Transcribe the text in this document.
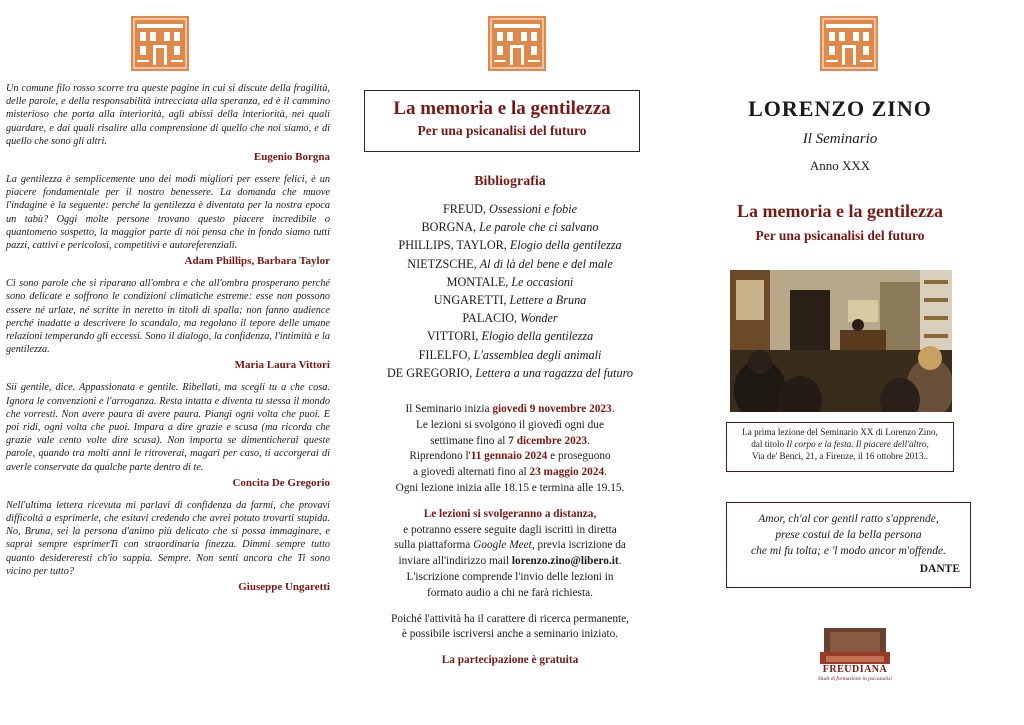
Un comune filo rosso scorre tra queste pagine in cui si discute della fragilità, delle parole, e della responsabilità intrecciata alla speranza, ed è il cammino misterioso che porta alla interiorità, agli abissi della interiorità, nei quali guardare, e dai quali risalire alla comprensione di quello che noi siamo, e di quello che sono gli altri.

Eugenio Borgna

La gentilezza è semplicemente uno dei modi migliori per essere felici, è un piacere fondamentale per il nostro benessere. La domanda che muove l'indagine è la seguente: perché la gentilezza è diventata per la nostra epoca un tabù? Oggi molte persone trovano questo piacere incredibile o quantomeno sospetto, la maggior parte di noi pensa che in fondo siamo tutti pazzi, cattivi e pericolosi, competitivi e autoreferenziali.

Adam Phillips, Barbara Taylor

Ci sono parole che si riparano all'ombra e che all'ombra prosperano perché sono delicate e soffrono le condizioni climatiche estreme: esse non possono essere né urlate, né scritte in neretto in titoli di spalla; non fanno audience perché inadatte a descrivere lo scandalo, ma regolano il tepore delle umane relazioni temperando gli eccessi. Sono il dialogo, la confidenza, l'intimità e la gentilezza.

Maria Laura Vittori

Sii gentile, dice. Appassionata e gentile. Ribellati, ma scegli tu a che cosa. Ignora le convenzioni e l'arroganza. Resta intatta e diventa tu stessa il mondo che vorresti. Non avere paura di avere paura. Piangi ogni volta che puoi. E poi ridi, ogni volta che puoi. Impara a dire grazie e scusa (ma ricorda che grazie vale cento volte dire scusa). Non importa se dimenticherai queste parole, quando tra molti anni le ritroverai, magari per caso, ti accorgerai di averle conservate da qualche parte dentro di te.

Concita De Gregorio

Nell'ultima lettera ricevuta mi parlavi di confidenza da farmi, che provavi difficoltà a esprimerle, che esitavi credendo che avrei potuto trovarti stupida. No, Bruna, sei la persona d'animo più delicato che si possa immaginare, e saprai sempre esprimerTi con straordinaria finezza. Dimmi sempre tutto quanto desidereresti ch'io sappia. Sempre. Non senti ancora che Ti sono vicino per tutto?

Giuseppe Ungaretti
La memoria e la gentilezza
Per una psicanalisi del futuro
Bibliografia
FREUD, Ossessioni e fobie
BORGNA, Le parole che ci salvano
PHILLIPS, TAYLOR, Elogio della gentilezza
NIETZSCHE, Al di là del bene e del male
MONTALE, Le occasioni
UNGARETTI, Lettere a Bruna
PALACIO, Wonder
VITTORI, Elogio della gentilezza
FILELFO, L'assemblea degli animali
DE GREGORIO, Lettera a una ragazza del futuro

Il Seminario inizia giovedì 9 novembre 2023.

Le lezioni si svolgono il giovedì ogni due

settimane fino al 7 dicembre 2023.

Riprendono l'11 gennaio 2024 e proseguono

a giovedì alternati fino al 23 maggio 2024.

Ogni lezione inizia alle 18.15 e termina alle 19.15.

Le lezioni si svolgeranno a distanza,

e potranno essere seguite dagli iscritti in diretta

sulla piattaforma Google Meet, previa iscrizione da

inviare all'indirizzo mail lorenzo.zino@libero.it.

L'iscrizione comprende l'invio delle lezioni in

formato audio a chi ne farà richiesta.

Poiché l'attività ha il carattere di ricerca permanente,

è possibile iscriversi anche a seminario iniziato.

La partecipazione è gratuita

LORENZO ZINO
Il Seminario
Anno XXX
La memoria e la gentilezza
Per una psicanalisi del futuro
La prima lezione del Seminario XX di Lorenzo Zino,
dal titolo Il corpo e la festa. Il piacere dell'altro,
Via de' Benci, 21, a Firenze, il 16 ottobre 2013..
Amor, ch'al cor gentil ratto s'apprende,
prese costui de la bella persona
che mi fu tolta; e 'l modo ancor m'offende.
DANTE
FREUDIANA
Studi di formazione in psicanalisi
